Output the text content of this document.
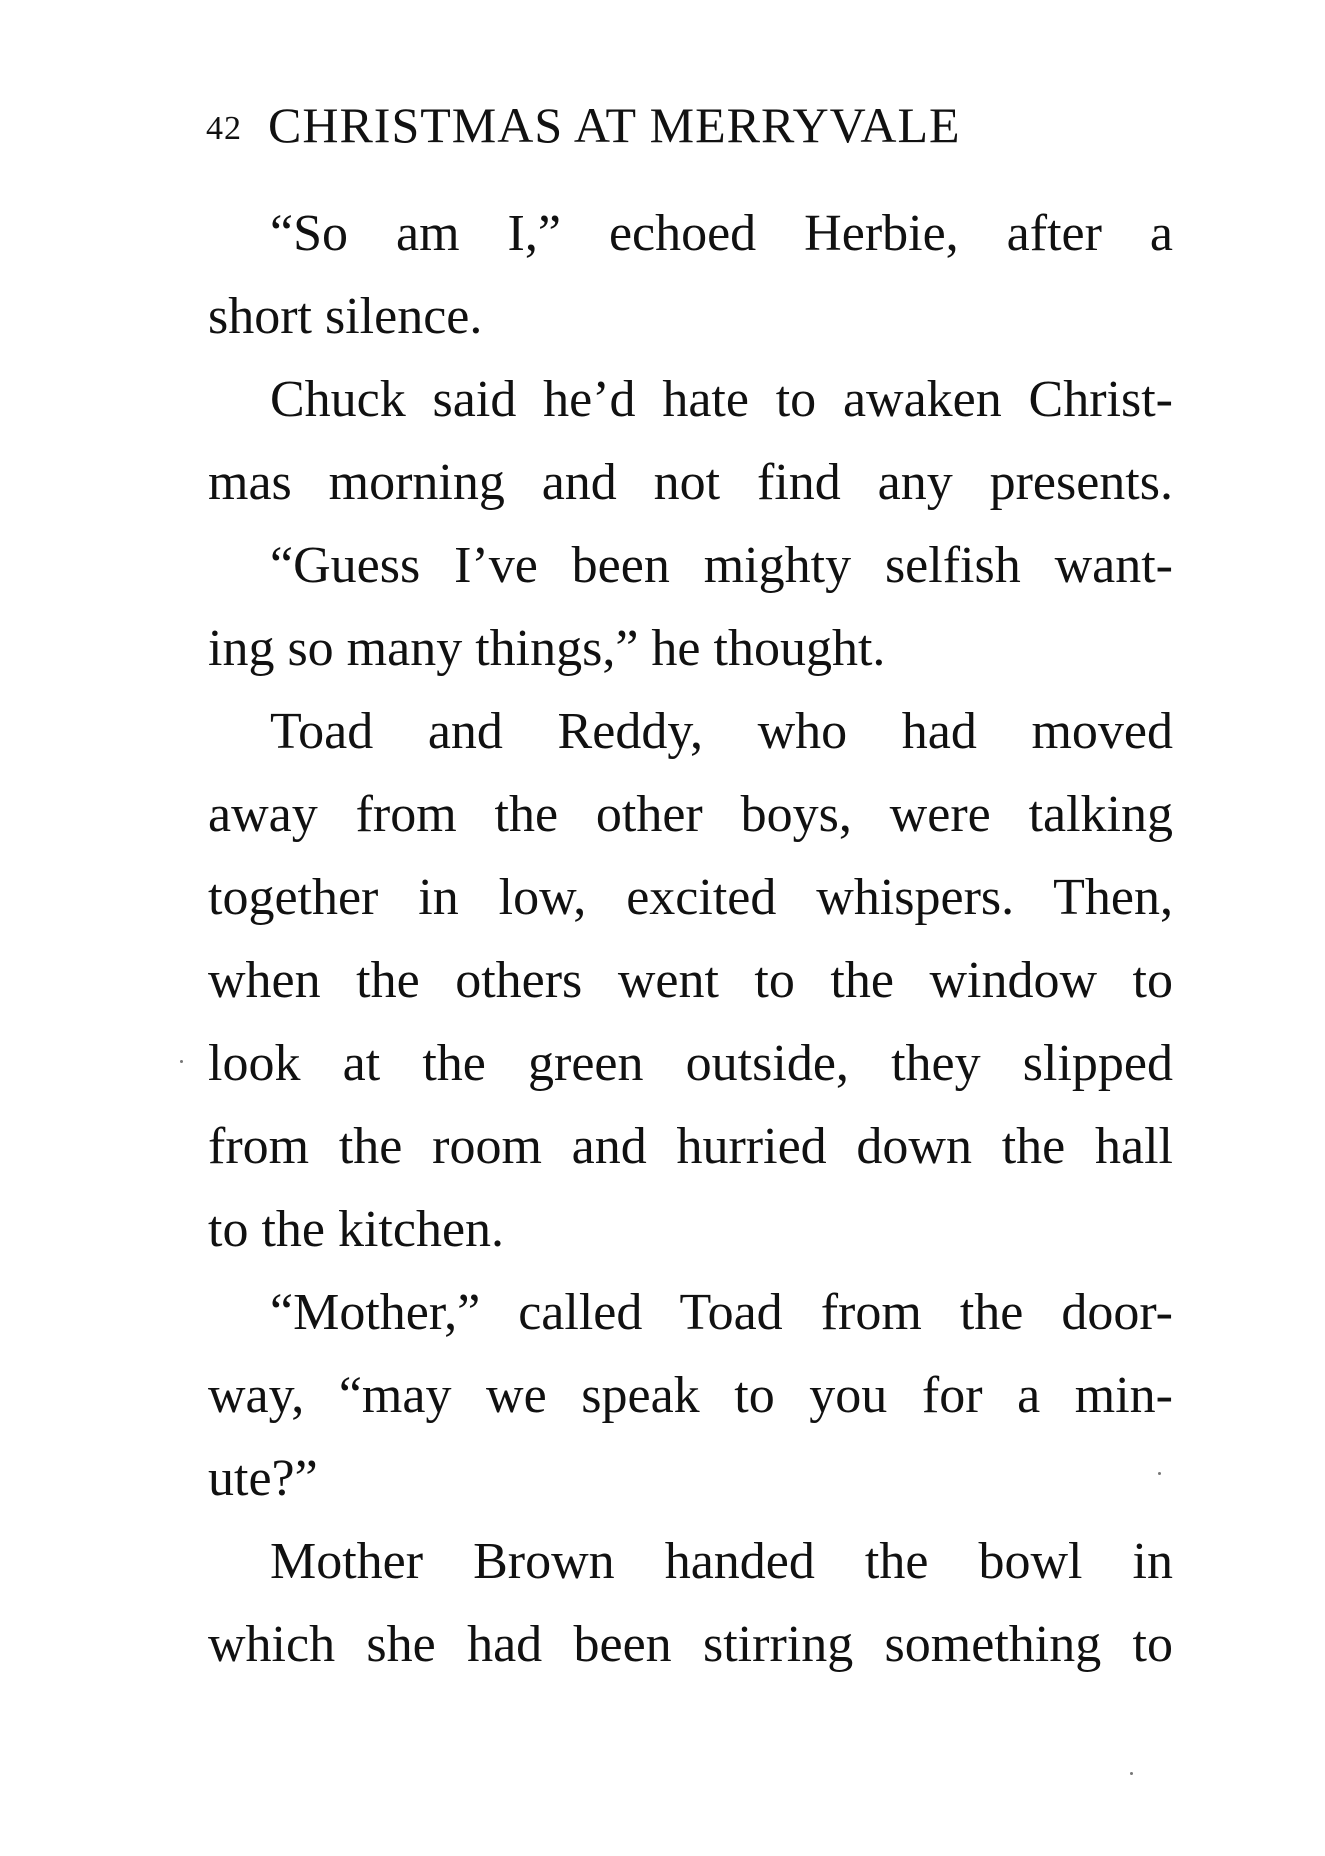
42 CHRISTMAS AT MERRYVALE
“So am I,” echoed Herbie, after a
short silence.
Chuck said he’d hate to awaken Christ-
mas morning and not find any presents.
“Guess I’ve been mighty selfish want-
ing so many things,” he thought.
Toad and Reddy, who had moved
away from the other boys, were talking
together in low, excited whispers. Then,
when the others went to the window to
look at the green outside, they slipped
from the room and hurried down the hall
to the kitchen.
“Mother,” called Toad from the door-
way, “may we speak to you for a min-
ute?”
Mother Brown handed the bowl in
which she had been stirring something to
